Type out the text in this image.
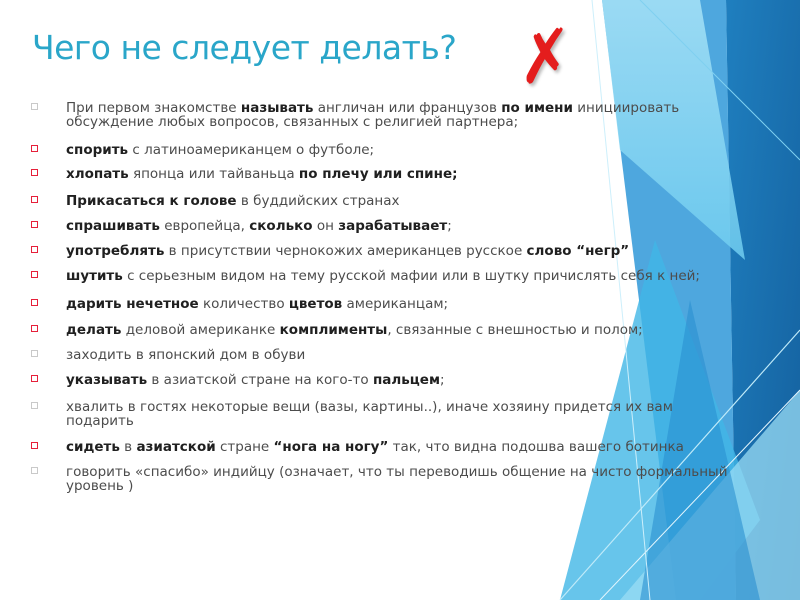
Чего не следует делать? ✗
При первом знакомстве называть англичан или французов по имени инициировать обсуждение любых вопросов, связанных с религией партнера;
спорить с латиноамериканцем о футболе;
хлопать японца или тайваньца по плечу или спине;
Прикасаться к голове в буддийских странах
спрашивать европейца, сколько он зарабатывает;
употреблять в присутствии чернокожих американцев русское слово “негр”
шутить с серьезным видом на тему русской мафии или в шутку причислять себя к ней;
дарить нечетное количество цветов американцам;
делать деловой американке комплименты, связанные с внешностью и полом;
заходить в японский дом в обуви
указывать в азиатской стране на кого-то пальцем;
хвалить в гостях некоторые вещи (вазы, картины..), иначе хозяину придется их вам подарить
сидеть в азиатской стране “нога на ногу” так, что видна подошва вашего ботинка
говорить «спасибо» индийцу (означает, что ты переводишь общение на чисто формальный уровень )
